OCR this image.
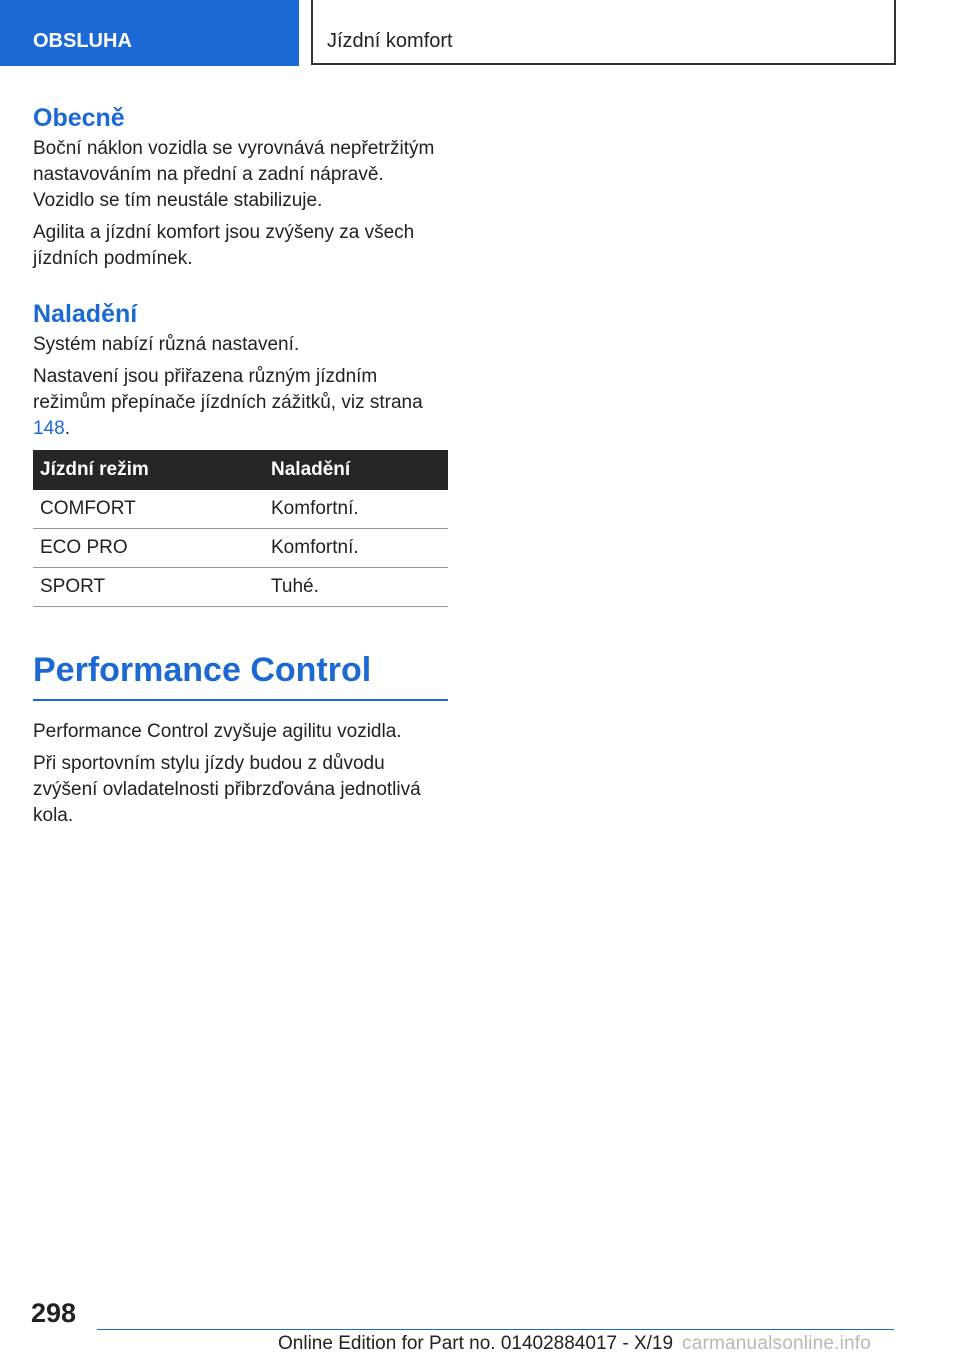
OBSLUHA	Jízdní komfort
Obecně

Boční náklon vozidla se vyrovnává nepřetržitým nastavováním na přední a zadní nápravě. Vozidlo se tím neustále stabilizuje.

Agilita a jízdní komfort jsou zvýšeny za všech jízdních podmínek.

Naladění

Systém nabízí různá nastavení.

Nastavení jsou přiřazena různým jízdním režimům přepínače jízdních zážitků, viz strana 148.

Jízdní režim	Naladění
COMFORT	Komfortní.
ECO PRO	Komfortní.
SPORT	Tuhé.
Performance Control

Performance Control zvyšuje agilitu vozidla.

Při sportovním stylu jízdy budou z důvodu zvýšení ovladatelnosti přibrzďována jednotlivá kola.

298
Online Edition for Part no. 01402884017 - X/19 carmanualsonline.info
